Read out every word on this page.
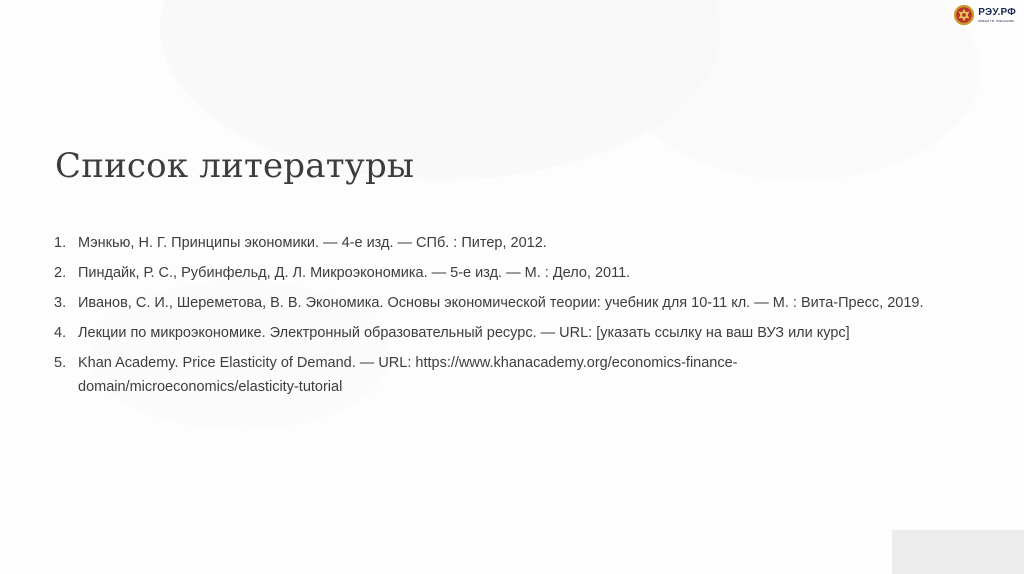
РЭУ.РФ
ИМЕНИ Г.В. ПЛЕХАНОВА
Список литературы
1. Мэнкью, Н. Г. Принципы экономики. — 4-е изд. — СПб. : Питер, 2012.
2. Пиндайк, Р. С., Рубинфельд, Д. Л. Микроэкономика. — 5-е изд. — М. : Дело, 2011.
3. Иванов, С. И., Шереметова, В. В. Экономика. Основы экономической теории: учебник для 10-11 кл. — М. : Вита-Пресс, 2019.
4. Лекции по микроэкономике. Электронный образовательный ресурс. — URL: [указать ссылку на ваш ВУЗ или курс]
5. Khan Academy. Price Elasticity of Demand. — URL: https://www.khanacademy.org/economics-finance-domain/microeconomics/elasticity-tutorial
